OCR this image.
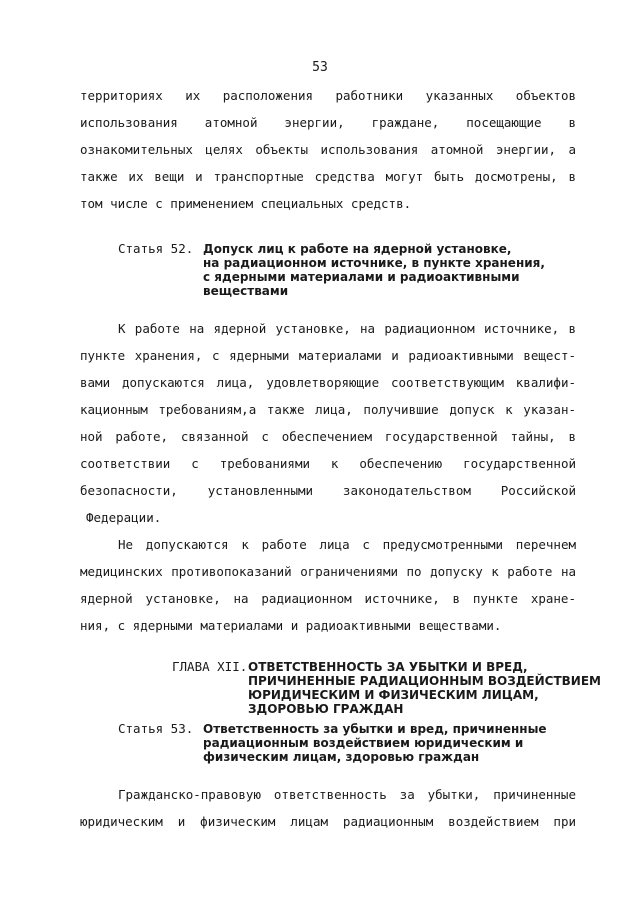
53
территориях их расположения работники указанных объектов
использования атомной энергии, граждане, посещающие в
ознакомительных целях объекты использования атомной энергии, а
также их вещи и транспортные средства могут быть досмотрены, в
том числе с применением специальных средств.
Статья 52. Допуск лиц к работе на ядерной установке,
на радиационном источнике, в пункте хранения,
с ядерными материалами и радиоактивными
веществами
К работе на ядерной установке, на радиационном источнике, в
пункте хранения, с ядерными материалами и радиоактивными вещест-
вами допускаются лица, удовлетворяющие соответствующим квалифи-
кационным требованиям,а также лица, получившие допуск к указан-
ной работе, связанной с обеспечением государственной тайны, в
соответствии с требованиями к обеспечению государственной
безопасности, установленными законодательством Российской
Федерации.
Не допускаются к работе лица с предусмотренными перечнем
медицинских противопоказаний ограничениями по допуску к работе на
ядерной установке, на радиационном источнике, в пункте хране-
ния, с ядерными материалами и радиоактивными веществами.
ГЛАВА XII. ОТВЕТСТВЕННОСТЬ ЗА УБЫТКИ И ВРЕД,
ПРИЧИНЕННЫЕ РАДИАЦИОННЫМ ВОЗДЕЙСТВИЕМ
ЮРИДИЧЕСКИМ И ФИЗИЧЕСКИМ ЛИЦАМ,
ЗДОРОВЬЮ ГРАЖДАН
Статья 53. Ответственность за убытки и вред, причиненные
радиационным воздействием юридическим и
физическим лицам, здоровью граждан
Гражданско-правовую ответственность за убытки, причиненные
юридическим и физическим лицам радиационным воздействием при
